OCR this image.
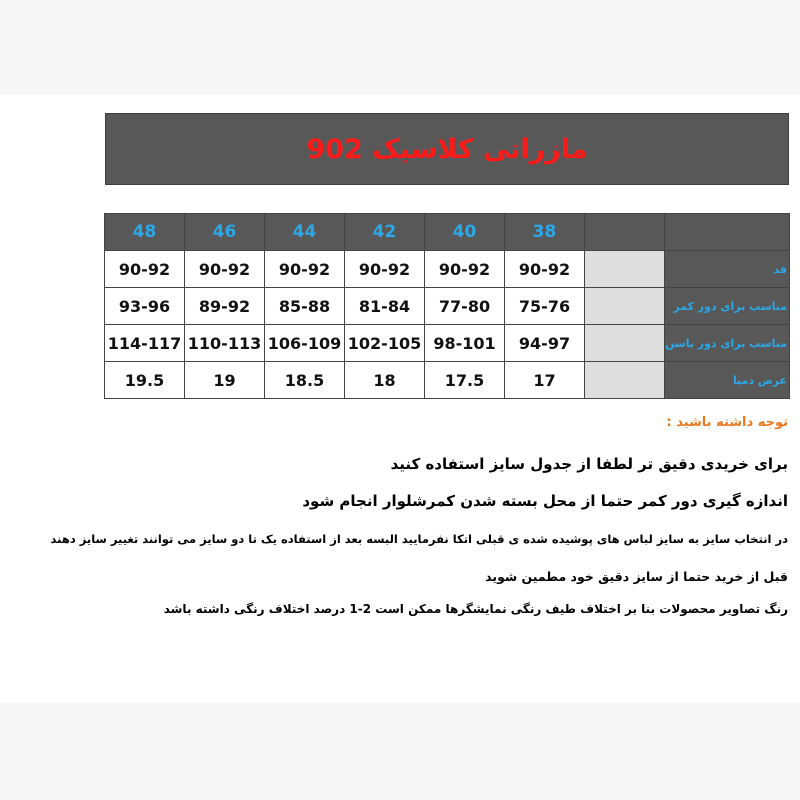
مازراتی کلاسیک 902
48	46	44	42	40	38		
90-92	90-92	90-92	90-92	90-92	90-92		قد
93-96	89-92	85-88	81-84	77-80	75-76		مناسب برای دور کمر
114-117	110-113	106-109	102-105	98-101	94-97		مناسب برای دور باسن
19.5	19	18.5	18	17.5	17		عرض دمپا
توجه داشته باشید :
برای خریدی دقیق تر لطفا از جدول سایز استفاده کنید
اندازه گیری دور کمر حتما از محل بسته شدن کمرشلوار انجام شود
در انتخاب سایز به سایز لباس های پوشیده شده ی قبلی اتکا نفرمایید البسه بعد از استفاده یک تا دو سایز می توانند تغییر سایز دهند
قبل از خرید حتما از سایز دقیق خود مطمین شوید
رنگ تصاویر محصولات بنا بر اختلاف طیف رنگی نمایشگرها ممکن است 2-1 درصد اختلاف رنگی داشته باشد
